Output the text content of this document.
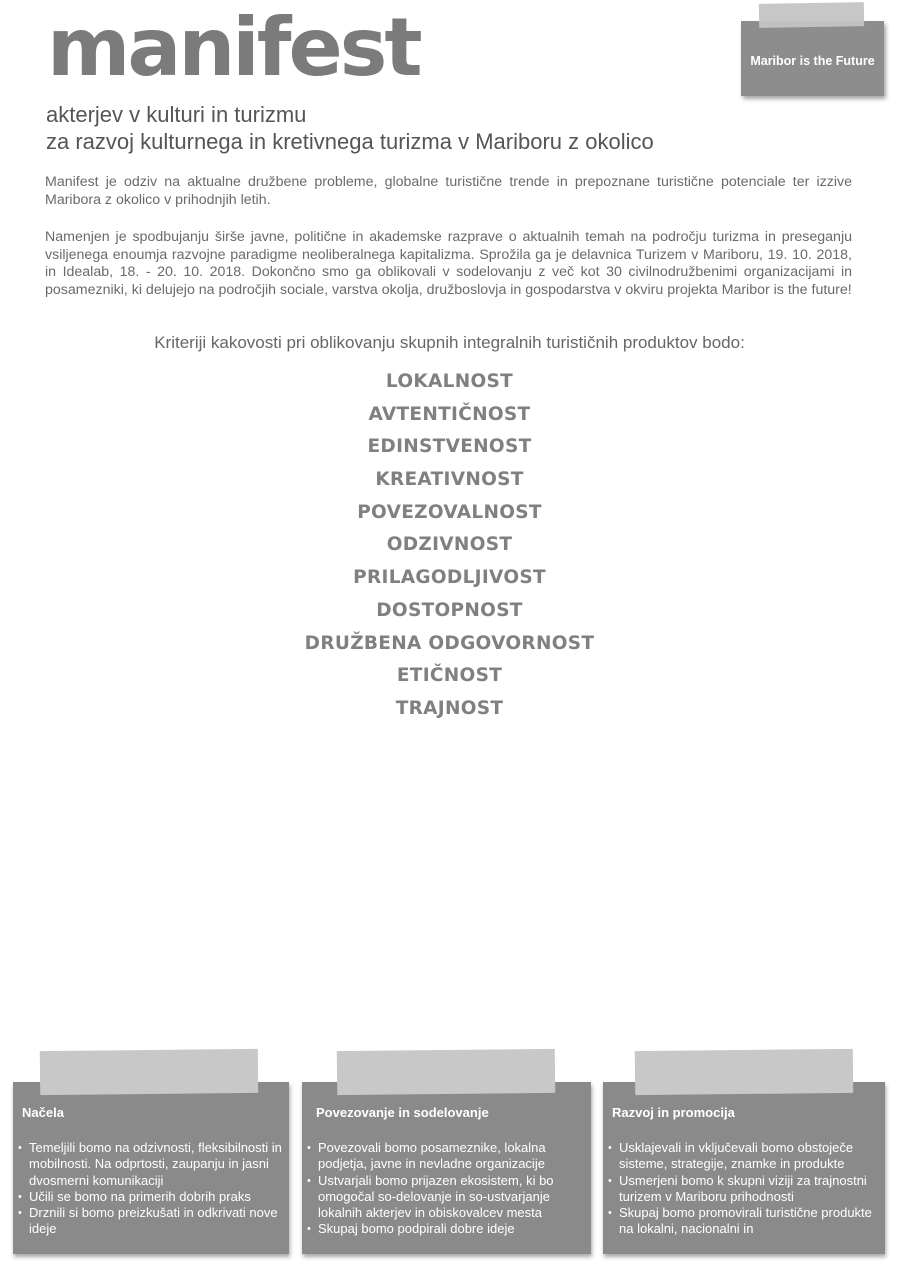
manifest
akterjev v kulturi in turizmu
za razvoj kulturnega in kretivnega turizma v Mariboru z okolico
Maribor is the Future

Manifest je odziv na aktualne družbene probleme, globalne turistične trende in prepoznane turistične potenciale ter izzive Maribora z okolico v prihodnjih letih.

Namenjen je spodbujanju širše javne, politične in akademske razprave o aktualnih temah na področju turizma in preseganju vsiljenega enoumja razvojne paradigme neoliberalnega kapitalizma. Sprožila ga je delavnica Turizem v Mariboru, 19. 10. 2018, in Idealab, 18. - 20. 10. 2018. Dokončno smo ga oblikovali v sodelovanju z več kot 30 civilnodružbenimi organizacijami in posamezniki, ki delujejo na področjih sociale, varstva okolja, družboslovja in gospodarstva v okviru projekta Maribor is the future!

Kriteriji kakovosti pri oblikovanju skupnih integralnih turističnih produktov bodo:

LOKALNOST
AVTENTIČNOST
EDINSTVENOST
KREATIVNOST
POVEZOVALNOST
ODZIVNOST
PRILAGODLJIVOST
DOSTOPNOST
DRUŽBENA ODGOVORNOST
ETIČNOST
TRAJNOST
Načela
• Temeljili bomo na odzivnosti, fleksibilnosti in mobilnosti. Na odprtosti, zaupanju in jasni dvosmerni komunikaciji
• Učili se bomo na primerih dobrih praks
• Drznili si bomo preizkušati in odkrivati nove ideje
Povezovanje in sodelovanje
• Povezovali bomo posameznike, lokalna podjetja, javne in nevladne organizacije
• Ustvarjali bomo prijazen ekosistem, ki bo omogočal so-delovanje in so-ustvarjanje lokalnih akterjev in obiskovalcev mesta
• Skupaj bomo podpirali dobre ideje
Razvoj in promocija
• Usklajevali in vključevali bomo obstoječe sisteme, strategije, znamke in produkte
• Usmerjeni bomo k skupni viziji za trajnostni turizem v Mariboru prihodnosti
• Skupaj bomo promovirali turistične produkte na lokalni, nacionalni in
